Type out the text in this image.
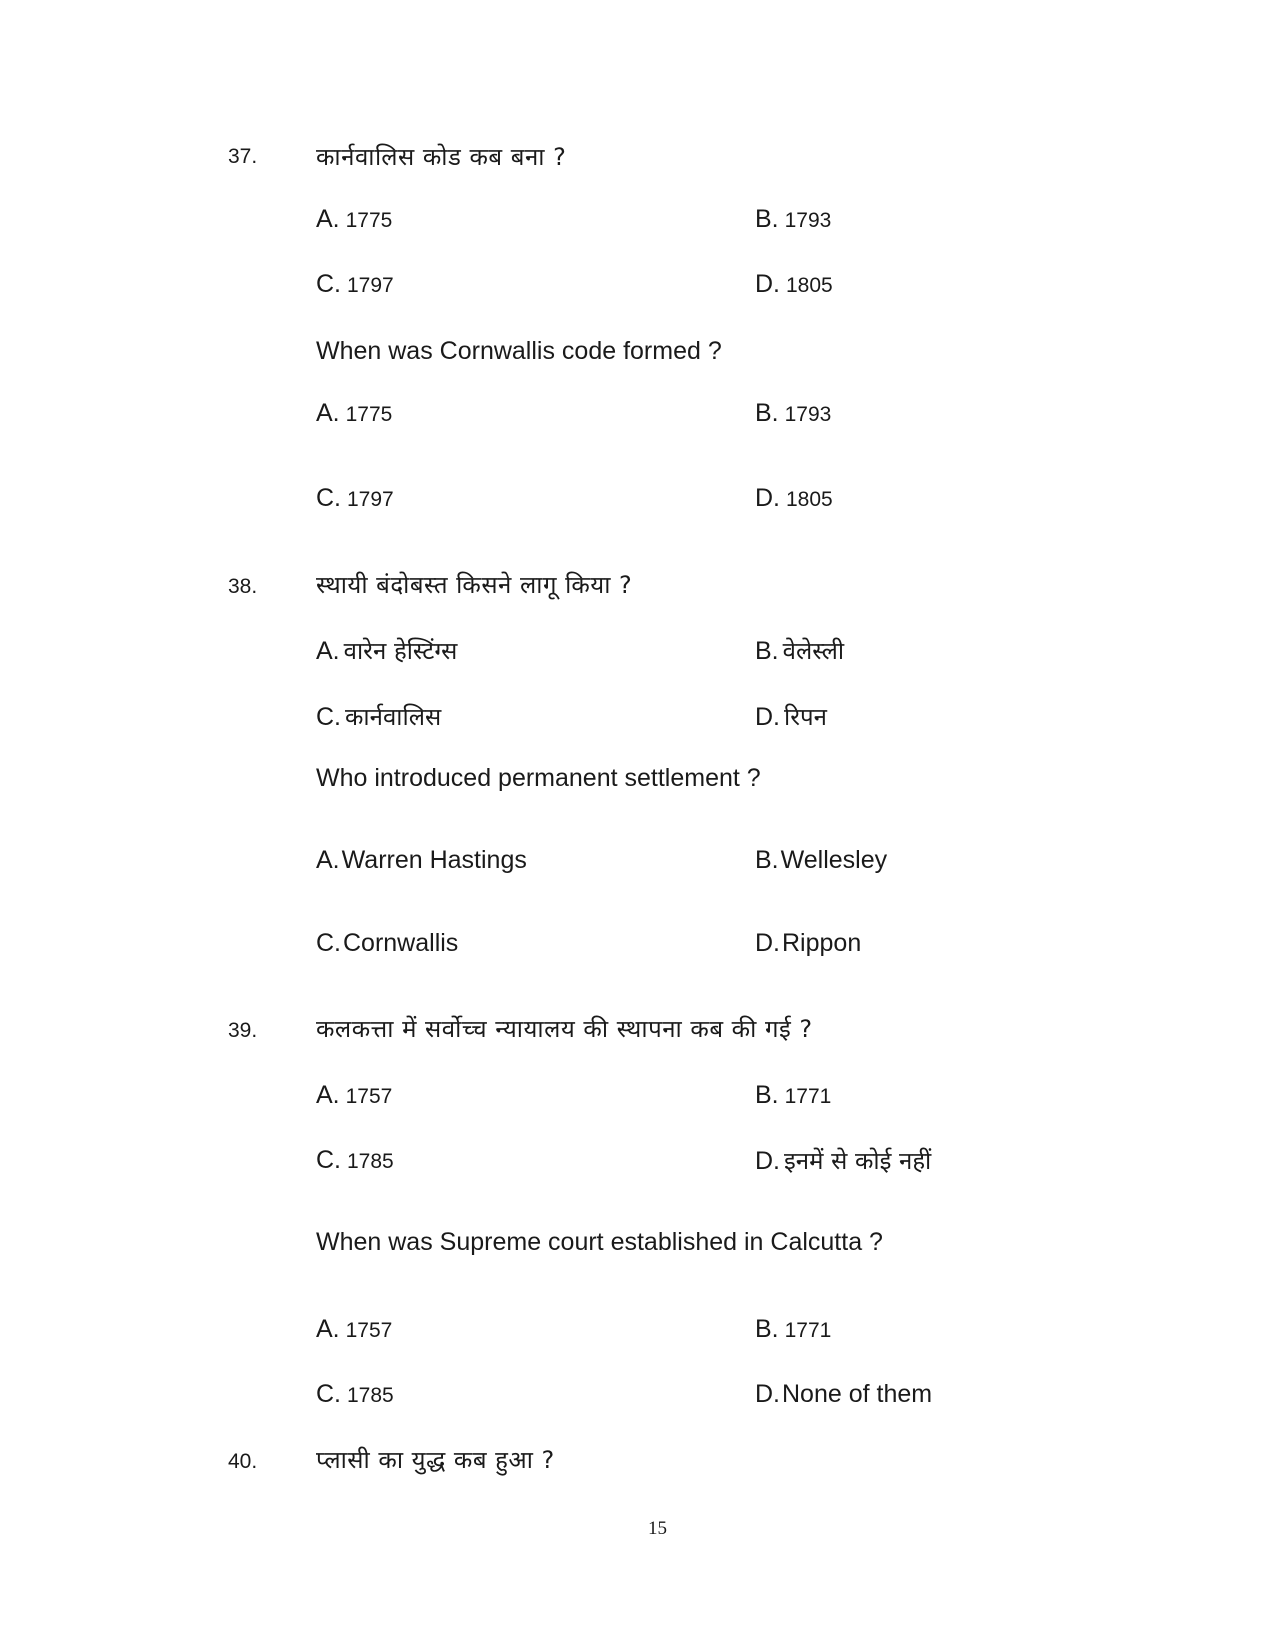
37. कार्नवालिस कोड कब बना ?
A. 1775	B. 1793
C. 1797	D. 1805
When was Cornwallis code formed ?
A. 1775	B. 1793
C. 1797	D. 1805
38. स्थायी बंदोबस्त किसने लागू किया ?
A. वारेन हेस्टिंग्स	B. वेलेस्ली
C. कार्नवालिस	D. रिपन
Who introduced permanent settlement ?
A.Warren Hastings	B.Wellesley
C.Cornwallis	D.Rippon
39. कलकत्ता में सर्वोच्च न्यायालय की स्थापना कब की गई ?
A. 1757	B. 1771
C. 1785	D. इनमें से कोई नहीं
When was Supreme court established in Calcutta ?
A. 1757	B. 1771
C. 1785	D.None of them
40. प्लासी का युद्ध कब हुआ ?
15
